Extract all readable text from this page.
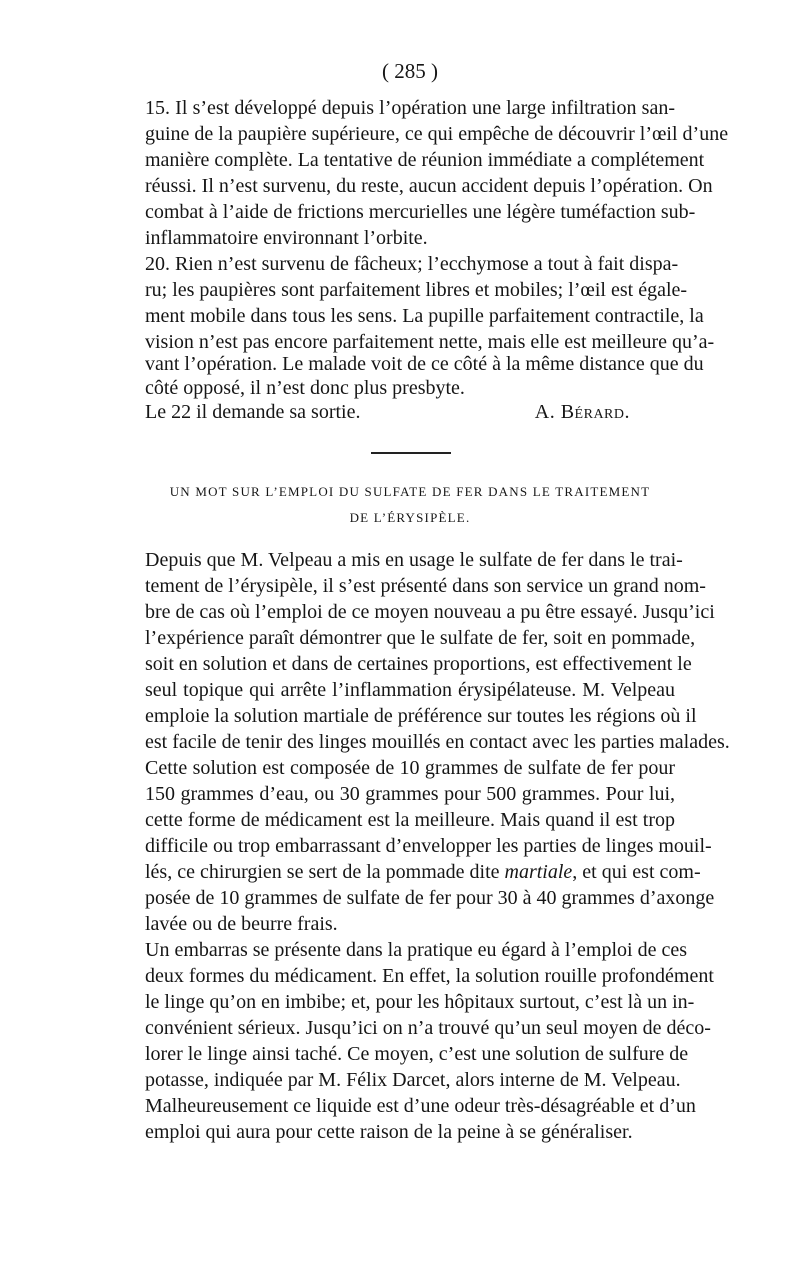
( 285 )
15. Il s’est développé depuis l’opération une large infiltration san-
guine de la paupière supérieure, ce qui empêche de découvrir l’œil d’une
manière complète. La tentative de réunion immédiate a complétement
réussi. Il n’est survenu, du reste, aucun accident depuis l’opération. On
combat à l’aide de frictions mercurielles une légère tuméfaction sub-
inflammatoire environnant l’orbite.
20. Rien n’est survenu de fâcheux; l’ecchymose a tout à fait dispa-
ru; les paupières sont parfaitement libres et mobiles; l’œil est égale-
ment mobile dans tous les sens. La pupille parfaitement contractile, la
vision n’est pas encore parfaitement nette, mais elle est meilleure qu’a-
vant l’opération. Le malade voit de ce côté à la même distance que du
côté opposé, il n’est donc plus presbyte.
Le 22 il demande sa sortie.	A. Bérard.
UN MOT SUR L’EMPLOI DU SULFATE DE FER DANS LE TRAITEMENT
DE L’ÉRYSIPÈLE.
Depuis que M. Velpeau a mis en usage le sulfate de fer dans le trai-
tement de l’érysipèle, il s’est présenté dans son service un grand nom-
bre de cas où l’emploi de ce moyen nouveau a pu être essayé. Jusqu’ici
l’expérience paraît démontrer que le sulfate de fer, soit en pommade,
soit en solution et dans de certaines proportions, est effectivement le
seul topique qui arrête l’inflammation érysipélateuse. M. Velpeau
emploie la solution martiale de préférence sur toutes les régions où il
est facile de tenir des linges mouillés en contact avec les parties malades.
Cette solution est composée de 10 grammes de sulfate de fer pour
150 grammes d’eau, ou 30 grammes pour 500 grammes. Pour lui,
cette forme de médicament est la meilleure. Mais quand il est trop
difficile ou trop embarrassant d’envelopper les parties de linges mouil-
lés, ce chirurgien se sert de la pommade dite martiale, et qui est com-
posée de 10 grammes de sulfate de fer pour 30 à 40 grammes d’axonge
lavée ou de beurre frais.
Un embarras se présente dans la pratique eu égard à l’emploi de ces
deux formes du médicament. En effet, la solution rouille profondément
le linge qu’on en imbibe; et, pour les hôpitaux surtout, c’est là un in-
convénient sérieux. Jusqu’ici on n’a trouvé qu’un seul moyen de déco-
lorer le linge ainsi taché. Ce moyen, c’est une solution de sulfure de
potasse, indiquée par M. Félix Darcet, alors interne de M. Velpeau.
Malheureusement ce liquide est d’une odeur très-désagréable et d’un
emploi qui aura pour cette raison de la peine à se généraliser.
